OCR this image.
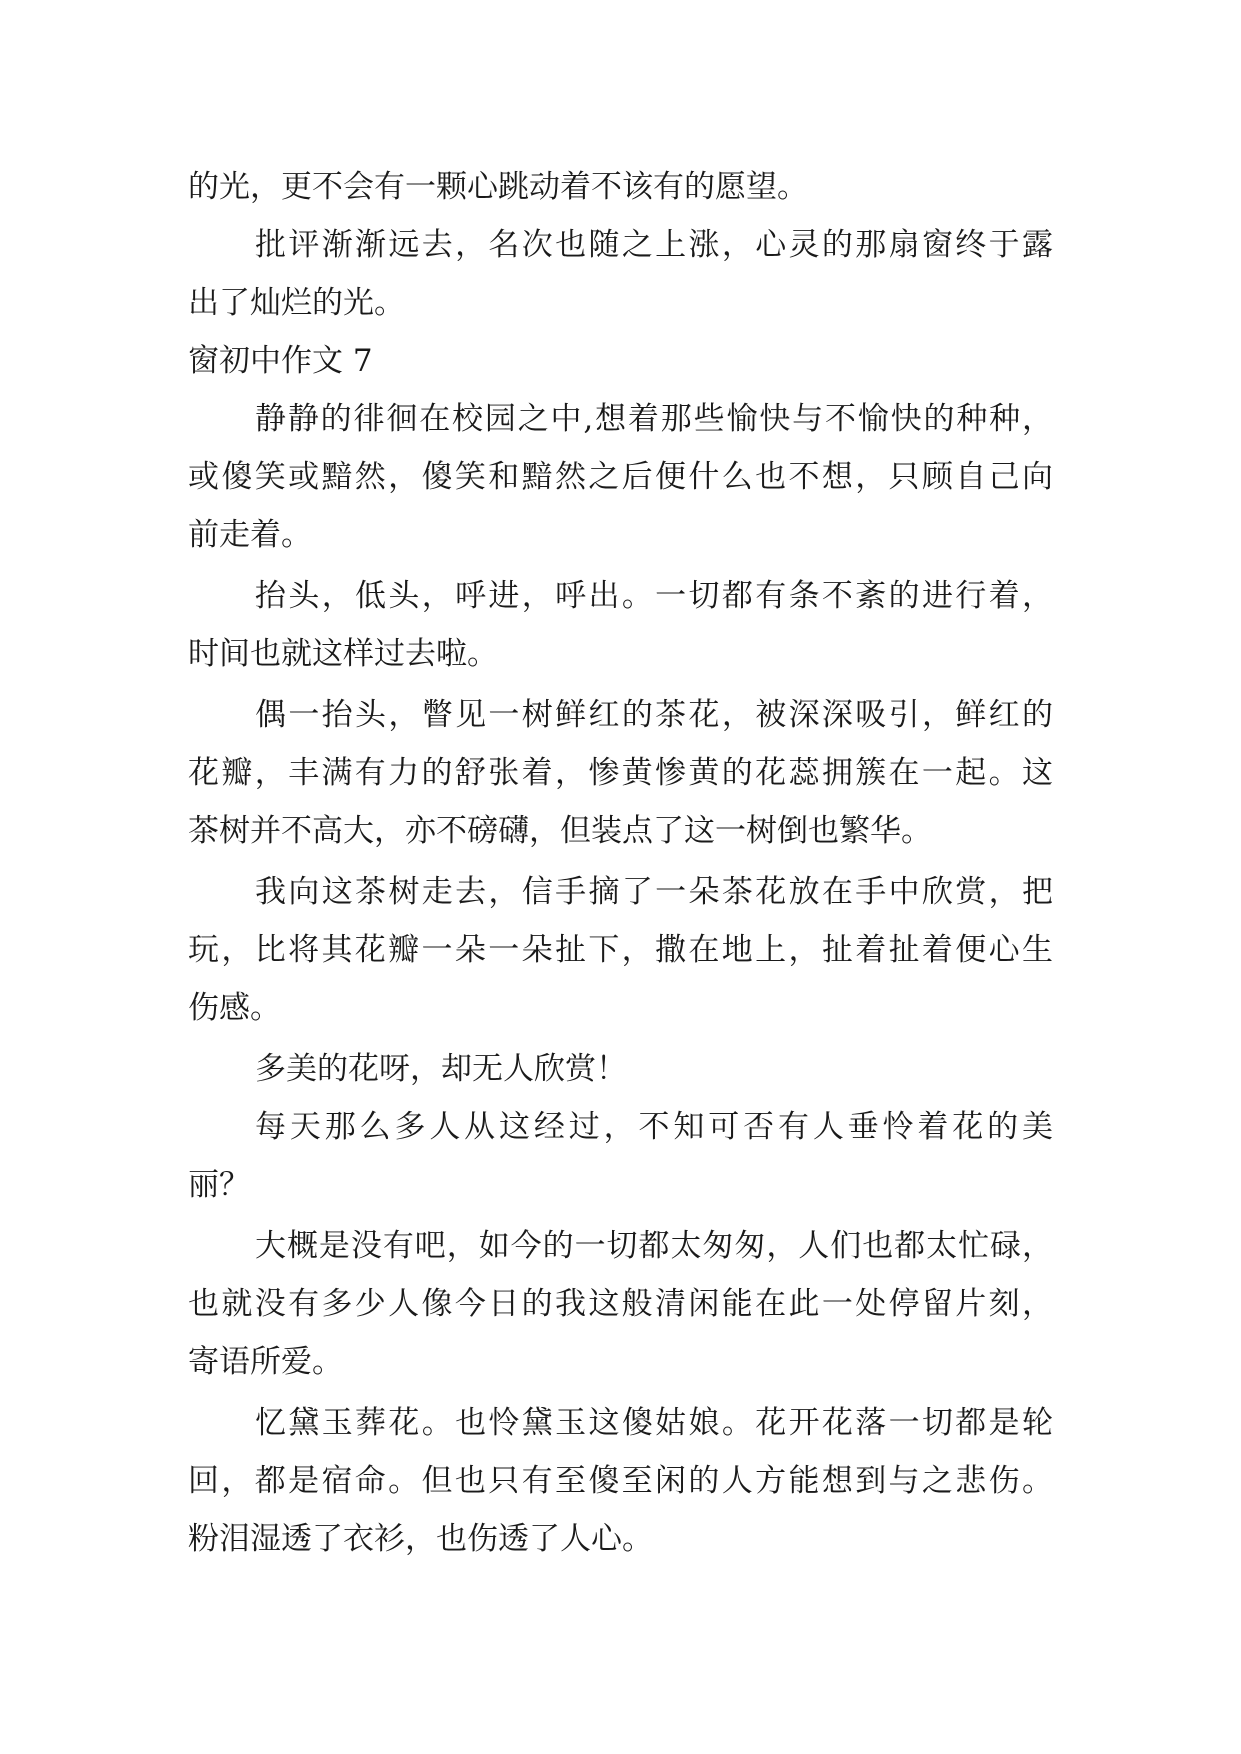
的光，更不会有一颗心跳动着不该有的愿望。
批评渐渐远去，名次也随之上涨，心灵的那扇窗终于露
出了灿烂的光。
窗初中作文 7
静静的徘徊在校园之中,想着那些愉快与不愉快的种种，
或傻笑或黯然，傻笑和黯然之后便什么也不想，只顾自己向
前走着。
抬头，低头，呼进，呼出。一切都有条不紊的进行着，
时间也就这样过去啦。
偶一抬头，瞥见一树鲜红的茶花，被深深吸引，鲜红的
花瓣，丰满有力的舒张着，惨黄惨黄的花蕊拥簇在一起。这
茶树并不高大，亦不磅礴，但装点了这一树倒也繁华。
我向这茶树走去，信手摘了一朵茶花放在手中欣赏，把
玩，比将其花瓣一朵一朵扯下，撒在地上，扯着扯着便心生
伤感。
多美的花呀，却无人欣赏！
每天那么多人从这经过，不知可否有人垂怜着花的美
丽？
大概是没有吧，如今的一切都太匆匆，人们也都太忙碌，
也就没有多少人像今日的我这般清闲能在此一处停留片刻，
寄语所爱。
忆黛玉葬花。也怜黛玉这傻姑娘。花开花落一切都是轮
回，都是宿命。但也只有至傻至闲的人方能想到与之悲伤。
粉泪湿透了衣衫，也伤透了人心。
